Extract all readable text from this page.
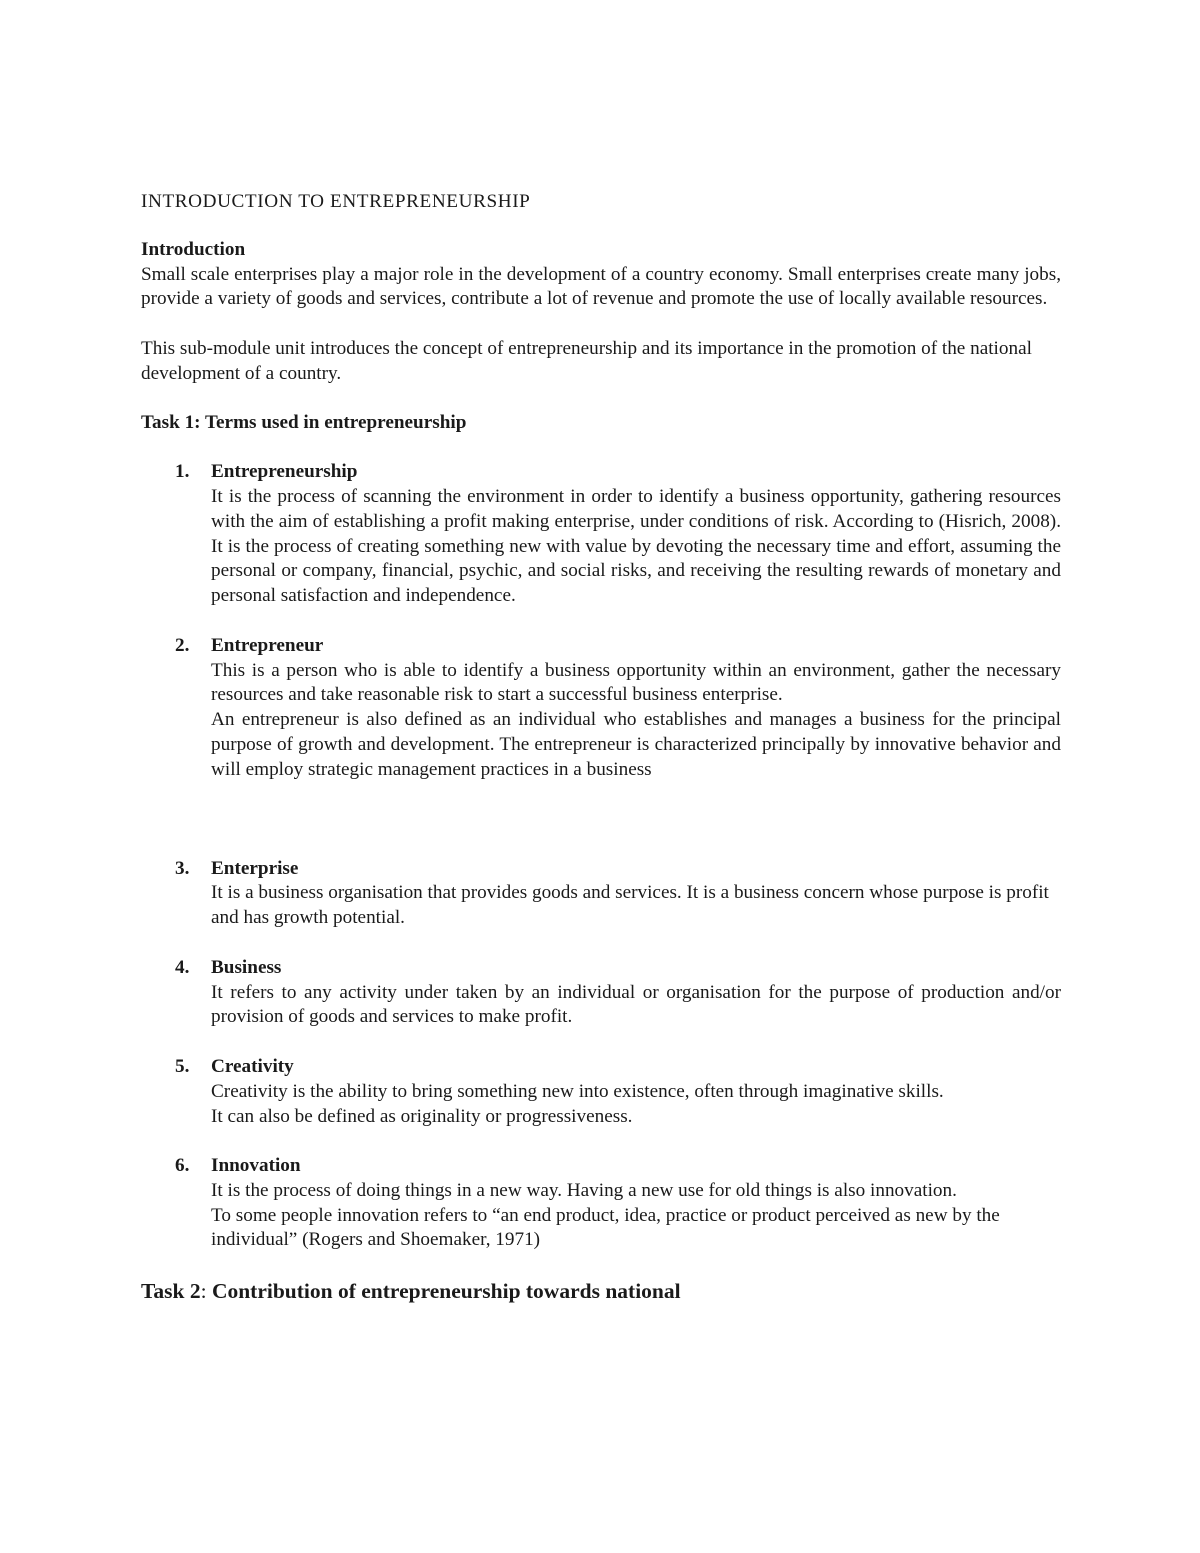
INTRODUCTION TO ENTREPRENEURSHIP
Introduction

Small scale enterprises play a major role in the development of a country economy. Small enterprises create many jobs, provide a variety of goods and services, contribute a lot of revenue and promote the use of locally available resources.

This sub-module unit introduces the concept of entrepreneurship and its importance in the promotion of the national development of a country.

Task 1: Terms used in entrepreneurship
1. Entrepreneurship

It is the process of scanning the environment in order to identify a business opportunity, gathering resources with the aim of establishing a profit making enterprise, under conditions of risk. According to (Hisrich, 2008). It is the process of creating something new with value by devoting the necessary time and effort, assuming the personal or company, financial, psychic, and social risks, and receiving the resulting rewards of monetary and personal satisfaction and independence.

2. Entrepreneur

This is a person who is able to identify a business opportunity within an environment, gather the necessary resources and take reasonable risk to start a successful business enterprise.

An entrepreneur is also defined as an individual who establishes and manages a business for the principal purpose of growth and development. The entrepreneur is characterized principally by innovative behavior and will employ strategic management practices in a business

3. Enterprise

It is a business organisation that provides goods and services. It is a business concern whose purpose is profit and has growth potential.

4. Business

It refers to any activity under taken by an individual or organisation for the purpose of production and/or provision of goods and services to make profit.

5. Creativity

Creativity is the ability to bring something new into existence, often through imaginative skills.

It can also be defined as originality or progressiveness.

6. Innovation

It is the process of doing things in a new way. Having a new use for old things is also innovation.

To some people innovation refers to “an end product, idea, practice or product perceived as new by the individual” (Rogers and Shoemaker, 1971)

Task 2: Contribution of entrepreneurship towards national
